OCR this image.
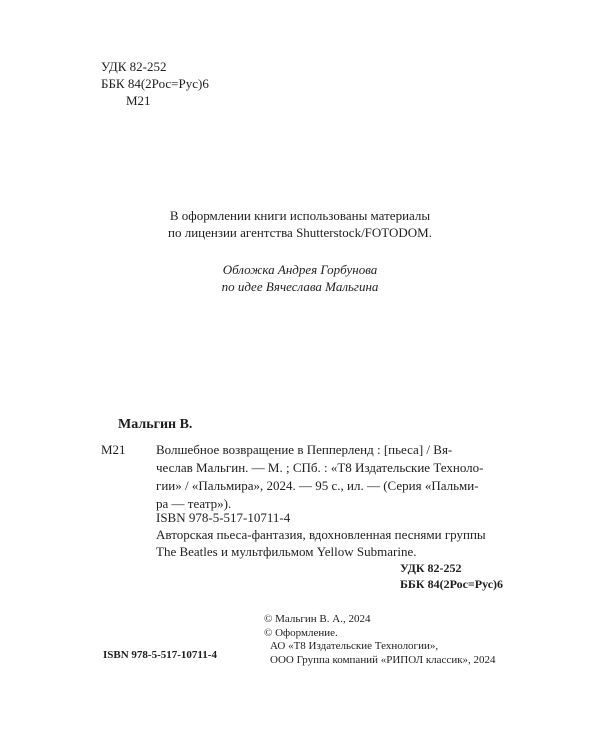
УДК 82-252
ББК 84(2Рос=Рус)6
М21
В оформлении книги использованы материалы
по лицензии агентства Shutterstock/FOTODOM.
Обложка Андрея Горбунова
по идее Вячеслава Мальгина
Мальгин В.
М21 Волшебное возвращение в Пепперленд : [пьеса] / Вя-
чеслав Мальгин. — М. ; СПб. : «Т8 Издательские Техноло-
гии» / «Пальмира», 2024. — 95 с., ил. — (Серия «Пальми-
ра — театр»).
ISBN 978-5-517-10711-4
Авторская пьеса-фантазия, вдохновленная песнями группы
The Beatles и мультфильмом Yellow Submarine.
УДК 82-252
ББК 84(2Рос=Рус)6
© Мальгин В. А., 2024
© Оформление.
АО «Т8 Издательские Технологии»,
ООО Группа компаний «РИПОЛ классик», 2024
ISBN 978-5-517-10711-4
